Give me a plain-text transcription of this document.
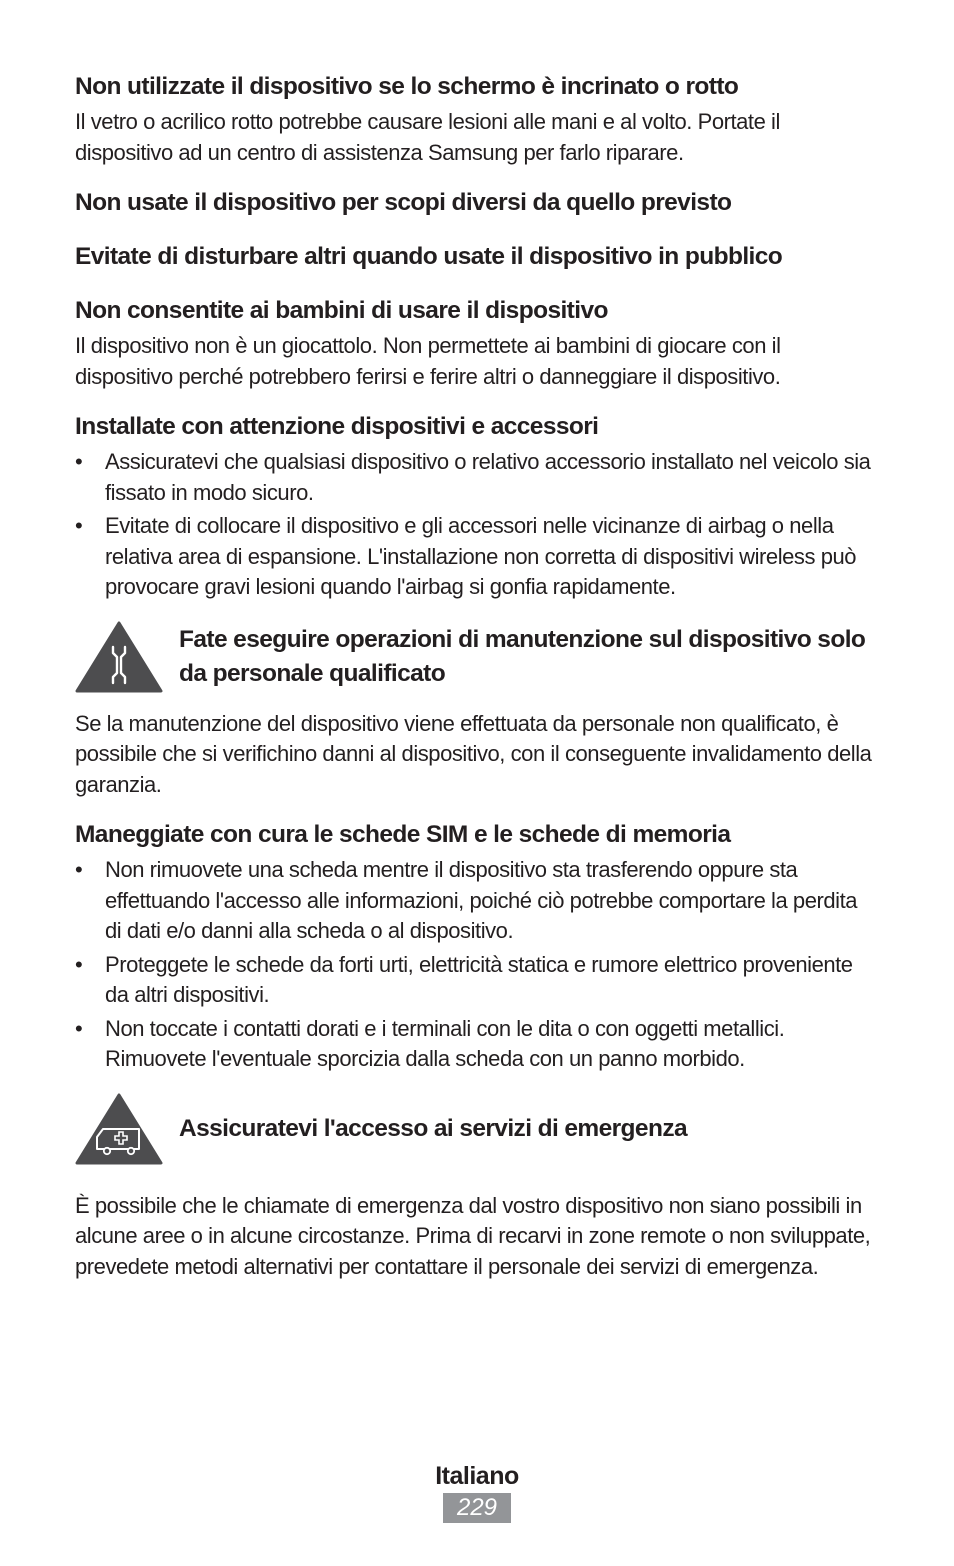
Non utilizzate il dispositivo se lo schermo è incrinato o rotto

Il vetro o acrilico rotto potrebbe causare lesioni alle mani e al volto. Portate il dispositivo ad un centro di assistenza Samsung per farlo riparare.

Non usate il dispositivo per scopi diversi da quello previsto
Evitate di disturbare altri quando usate il dispositivo in pubblico
Non consentite ai bambini di usare il dispositivo

Il dispositivo non è un giocattolo. Non permettete ai bambini di giocare con il dispositivo perché potrebbero ferirsi e ferire altri o danneggiare il dispositivo.

Installate con attenzione dispositivi e accessori
• Assicuratevi che qualsiasi dispositivo o relativo accessorio installato nel veicolo sia fissato in modo sicuro.
• Evitate di collocare il dispositivo e gli accessori nelle vicinanze di airbag o nella relativa area di espansione. L'installazione non corretta di dispositivi wireless può provocare gravi lesioni quando l'airbag si gonfia rapidamente.
Fate eseguire operazioni di manutenzione sul dispositivo solo da personale qualificato

Se la manutenzione del dispositivo viene effettuata da personale non qualificato, è possibile che si verifichino danni al dispositivo, con il conseguente invalidamento della garanzia.

Maneggiate con cura le schede SIM e le schede di memoria
• Non rimuovete una scheda mentre il dispositivo sta trasferendo oppure sta effettuando l'accesso alle informazioni, poiché ciò potrebbe comportare la perdita di dati e/o danni alla scheda o al dispositivo.
• Proteggete le schede da forti urti, elettricità statica e rumore elettrico proveniente da altri dispositivi.
• Non toccate i contatti dorati e i terminali con le dita o con oggetti metallici. Rimuovete l'eventuale sporcizia dalla scheda con un panno morbido.
Assicuratevi l'accesso ai servizi di emergenza

È possibile che le chiamate di emergenza dal vostro dispositivo non siano possibili in alcune aree o in alcune circostanze. Prima di recarvi in zone remote o non sviluppate, prevedete metodi alternativi per contattare il personale dei servizi di emergenza.

Italiano
229
